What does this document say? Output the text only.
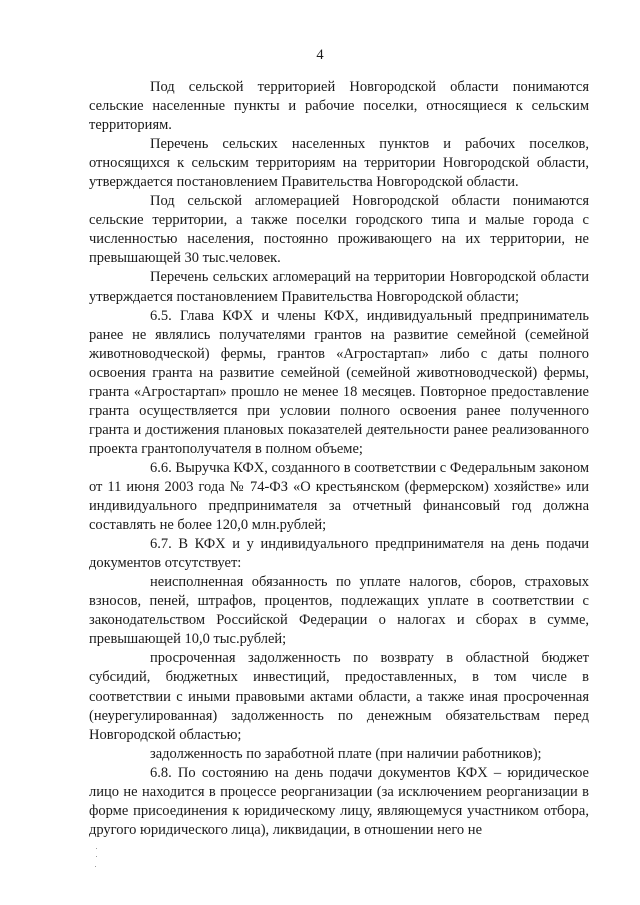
4

Под сельской территорией Новгородской области понимаются сельские населенные пункты и рабочие поселки, относящиеся к сельским территориям.

Перечень сельских населенных пунктов и рабочих поселков, относящихся к сельским территориям на территории Новгородской области, утверждается постановлением Правительства Новгородской области.

Под сельской агломерацией Новгородской области понимаются сельские территории, а также поселки городского типа и малые города с численностью населения, постоянно проживающего на их территории, не превышающей 30 тыс.человек.

Перечень сельских агломераций на территории Новгородской области утверждается постановлением Правительства Новгородской области;

6.5. Глава КФХ и члены КФХ, индивидуальный предприниматель ранее не являлись получателями грантов на развитие семейной (семейной животноводческой) фермы, грантов «Агростартап» либо с даты полного освоения гранта на развитие семейной (семейной животноводческой) фермы, гранта «Агростартап» прошло не менее 18 месяцев. Повторное предоставление гранта осуществляется при условии полного освоения ранее полученного гранта и достижения плановых показателей деятельности ранее реализованного проекта грантополучателя в полном объеме;

6.6. Выручка КФХ, созданного в соответствии с Федеральным законом от 11 июня 2003 года № 74-ФЗ «О крестьянском (фермерском) хозяйстве» или индивидуального предпринимателя за отчетный финансовый год должна составлять не более 120,0 млн.рублей;

6.7. В КФХ и у индивидуального предпринимателя на день подачи документов отсутствует:

неисполненная обязанность по уплате налогов, сборов, страховых взносов, пеней, штрафов, процентов, подлежащих уплате в соответствии с законодательством Российской Федерации о налогах и сборах в сумме, превышающей 10,0 тыс.рублей;

просроченная задолженность по возврату в областной бюджет субсидий, бюджетных инвестиций, предоставленных, в том числе в соответствии с иными правовыми актами области, а также иная просроченная (неурегулированная) задолженность по денежным обязательствам перед Новгородской областью;

задолженность по заработной плате (при наличии работников);

6.8. По состоянию на день подачи документов КФХ – юридическое лицо не находится в процессе реорганизации (за исключением реорганизации в форме присоединения к юридическому лицу, являющемуся участником отбора, другого юридического лица), ликвидации, в отношении него не
